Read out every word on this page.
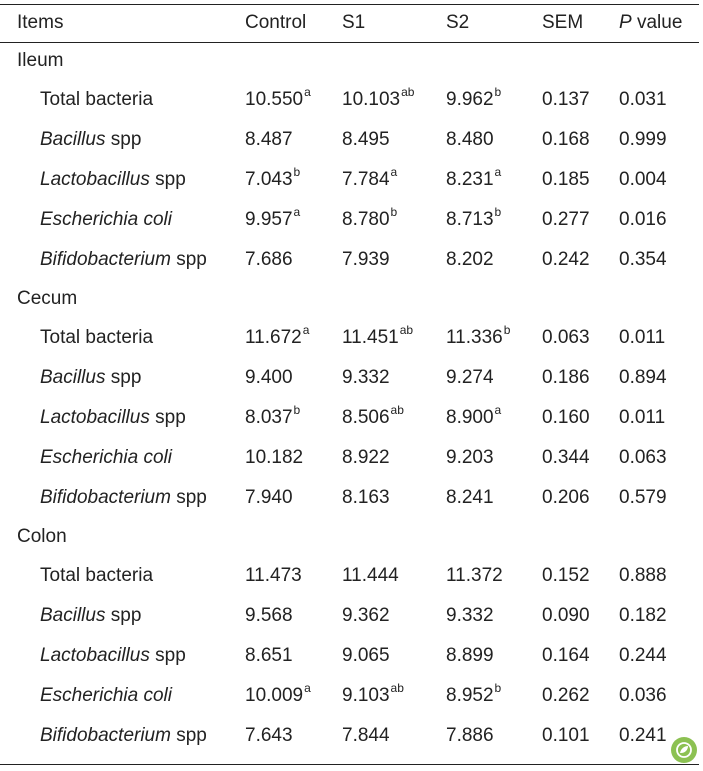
Items	Control	S1	S2	SEM	P value
Ileum					
Total bacteria	10.550$^a$	10.103$^{ab}$	9.962$^b$	0.137	0.031
Bacillus spp	8.487	8.495	8.480	0.168	0.999
Lactobacillus spp	7.043$^b$	7.784$^a$	8.231$^a$	0.185	0.004
Escherichia coli	9.957$^a$	8.780$^b$	8.713$^b$	0.277	0.016
Bifidobacterium spp	7.686	7.939	8.202	0.242	0.354
Cecum					
Total bacteria	11.672$^a$	11.451$^{ab}$	11.336$^b$	0.063	0.011
Bacillus spp	9.400	9.332	9.274	0.186	0.894
Lactobacillus spp	8.037$^b$	8.506$^{ab}$	8.900$^a$	0.160	0.011
Escherichia coli	10.182	8.922	9.203	0.344	0.063
Bifidobacterium spp	7.940	8.163	8.241	0.206	0.579
Colon					
Total bacteria	11.473	11.444	11.372	0.152	0.888
Bacillus spp	9.568	9.362	9.332	0.090	0.182
Lactobacillus spp	8.651	9.065	8.899	0.164	0.244
Escherichia coli	10.009$^a$	9.103$^{ab}$	8.952$^b$	0.262	0.036
Bifidobacterium spp	7.643	7.844	7.886	0.101	0.241
